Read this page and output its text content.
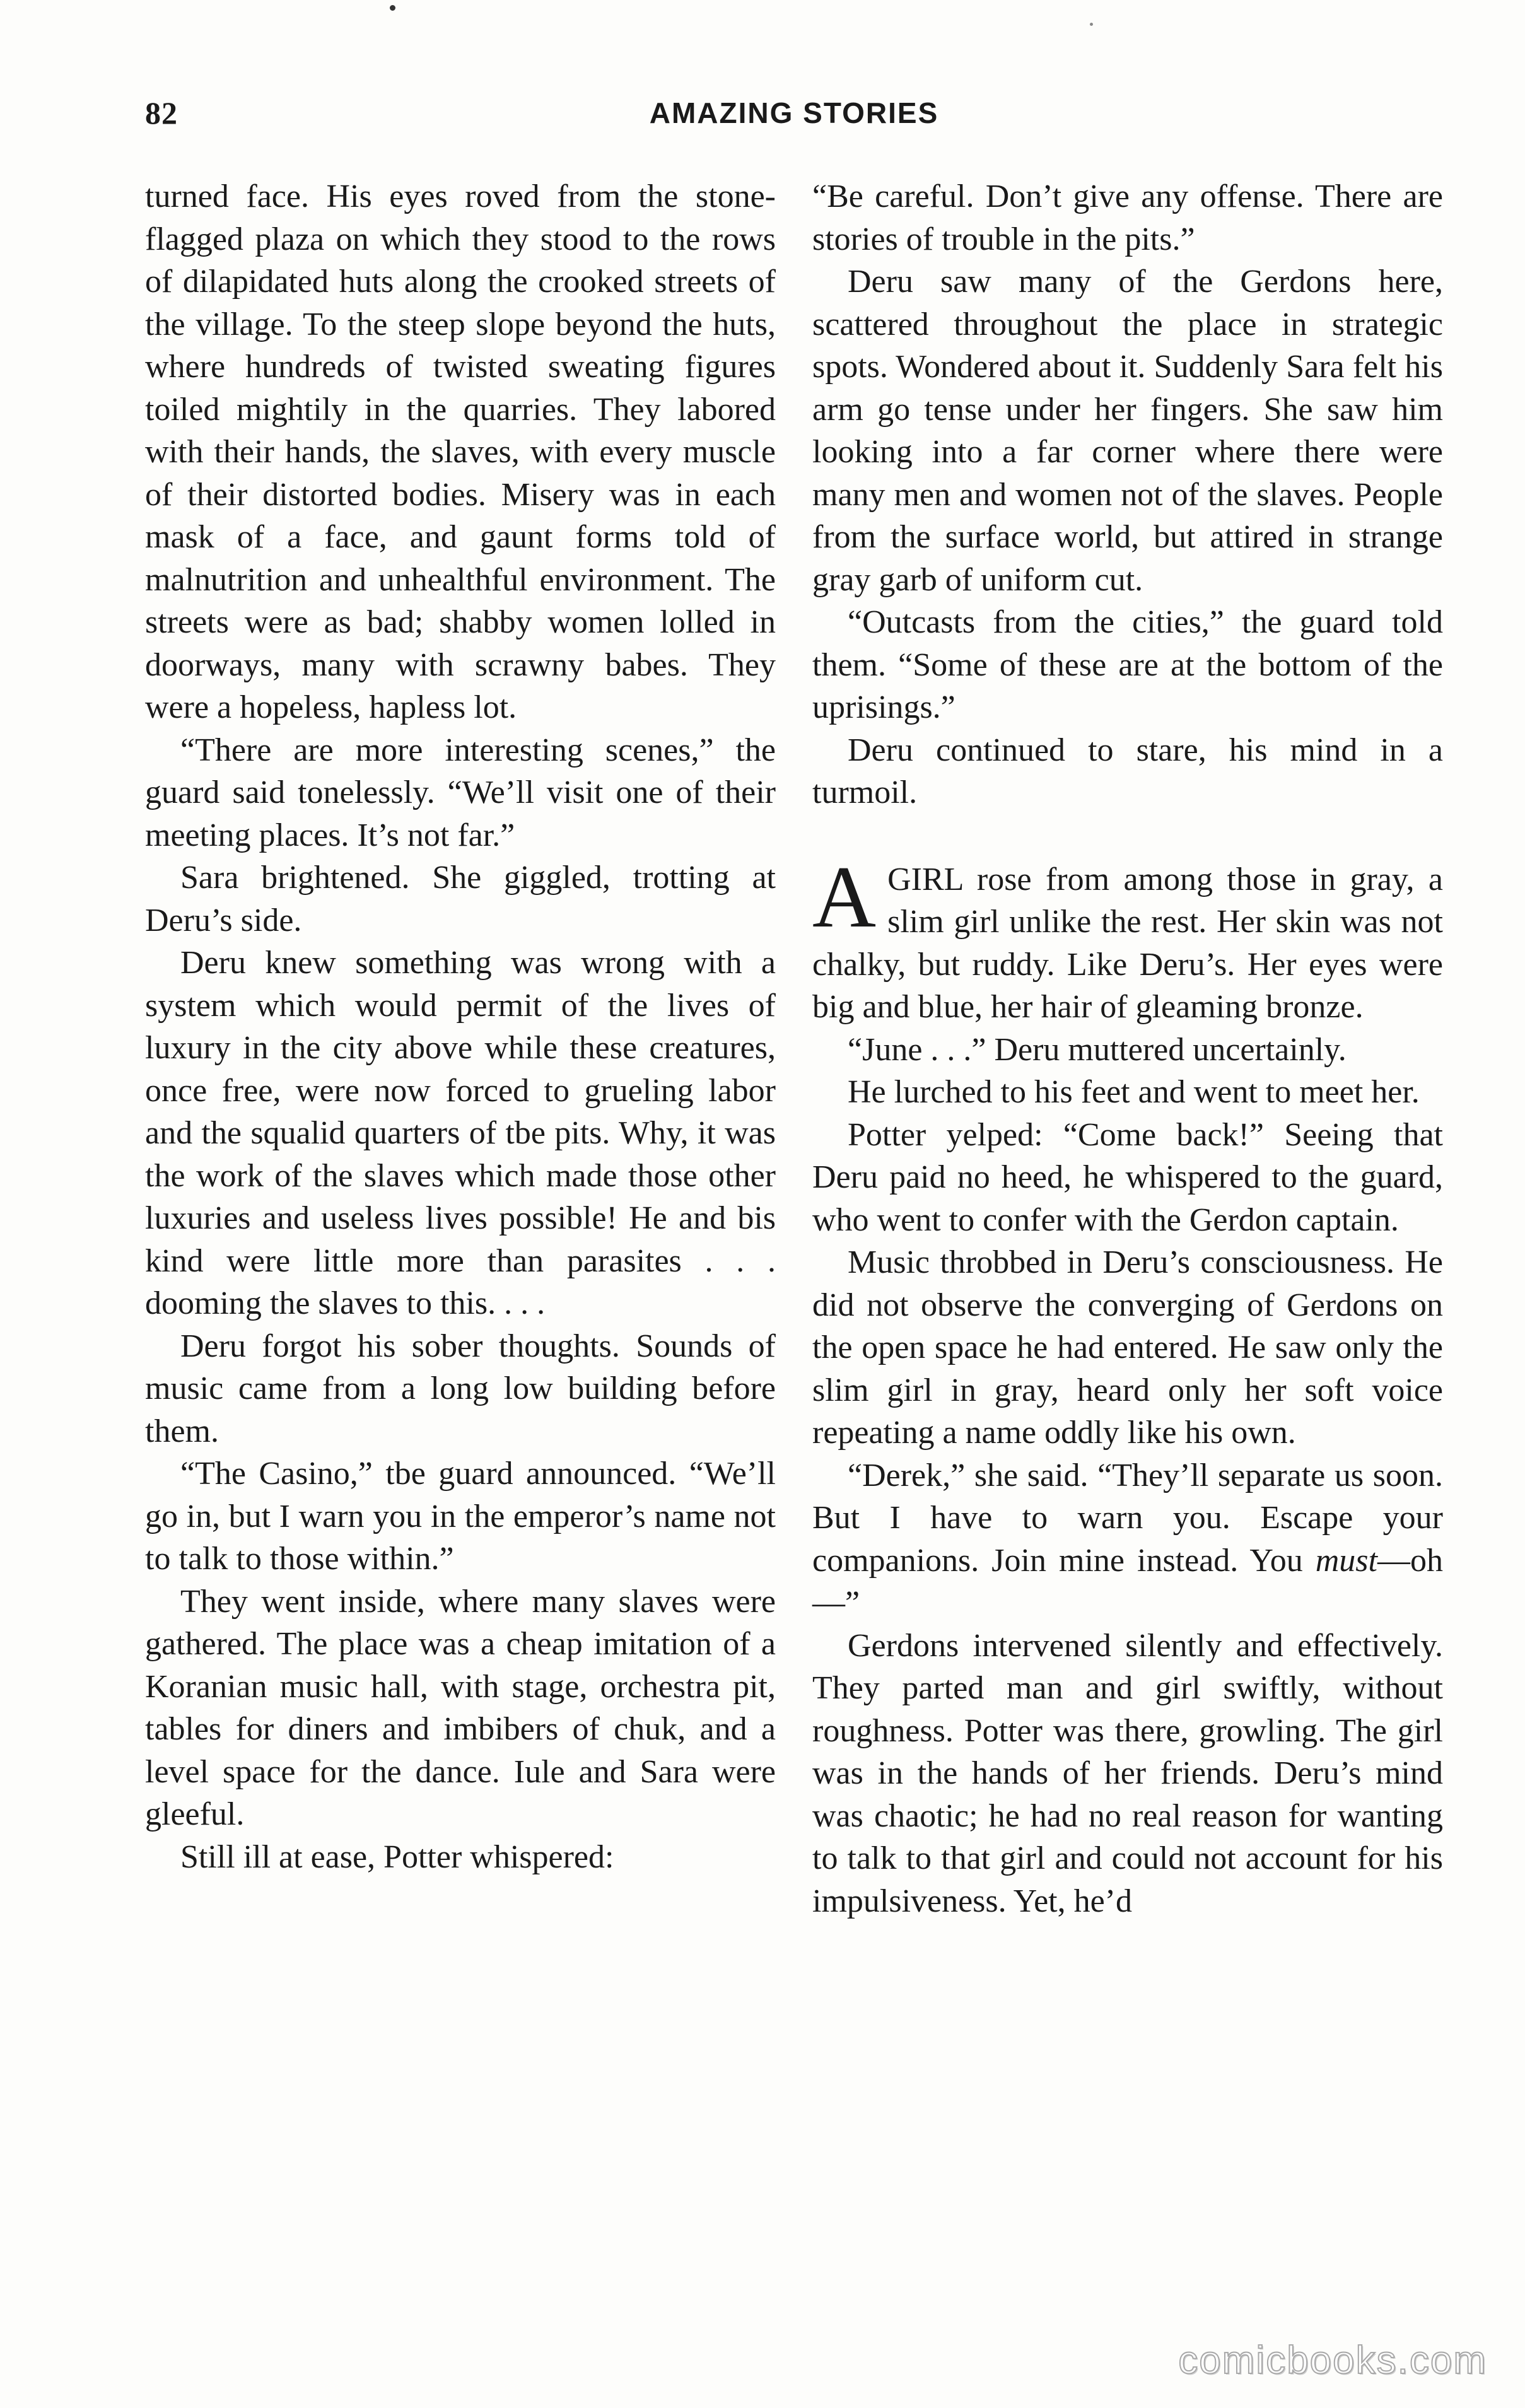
82	AMAZING STORIES

turned face. His eyes roved from the stone-flagged plaza on which they stood to the rows of dilapidated huts along the crooked streets of the village. To the steep slope beyond the huts, where hundreds of twisted sweating figures toiled mightily in the quarries. They labored with their hands, the slaves, with every muscle of their distorted bodies. Misery was in each mask of a face, and gaunt forms told of malnutrition and unhealthful environment. The streets were as bad; shabby women lolled in doorways, many with scrawny babes. They were a hopeless, hapless lot.

“There are more interesting scenes,” the guard said tonelessly. “We’ll visit one of their meeting places. It’s not far.”

Sara brightened. She giggled, trotting at Deru’s side.

Deru knew something was wrong with a system which would permit of the lives of luxury in the city above while these creatures, once free, were now forced to grueling labor and the squalid quarters of tbe pits. Why, it was the work of the slaves which made those other luxuries and useless lives possible! He and bis kind were little more than parasites . . . dooming the slaves to this. . . .

Deru forgot his sober thoughts. Sounds of music came from a long low building before them.

“The Casino,” tbe guard announced. “We’ll go in, but I warn you in the emperor’s name not to talk to those within.”

They went inside, where many slaves were gathered. The place was a cheap imitation of a Koranian music hall, with stage, orchestra pit, tables for diners and imbibers of chuk, and a level space for the dance. Iule and Sara were gleeful.

Still ill at ease, Potter whispered:

“Be careful. Don’t give any offense. There are stories of trouble in the pits.”

Deru saw many of the Gerdons here, scattered throughout the place in strategic spots. Wondered about it. Suddenly Sara felt his arm go tense under her fingers. She saw him looking into a far corner where there were many men and women not of the slaves. People from the surface world, but attired in strange gray garb of uniform cut.

“Outcasts from the cities,” the guard told them. “Some of these are at the bottom of the uprisings.”

Deru continued to stare, his mind in a turmoil.

AGIRL rose from among those in gray, a slim girl unlike the rest. Her skin was not chalky, but ruddy. Like Deru’s. Her eyes were big and blue, her hair of gleaming bronze.

“June . . .” Deru muttered uncertainly.

He lurched to his feet and went to meet her.

Potter yelped: “Come back!” Seeing that Deru paid no heed, he whispered to the guard, who went to confer with the Gerdon captain.

Music throbbed in Deru’s consciousness. He did not observe the converging of Gerdons on the open space he had entered. He saw only the slim girl in gray, heard only her soft voice repeating a name oddly like his own.

“Derek,” she said. “They’ll separate us soon. But I have to warn you. Escape your companions. Join mine instead. You must—oh—”

Gerdons intervened silently and effectively. They parted man and girl swiftly, without roughness. Potter was there, growling. The girl was in the hands of her friends. Deru’s mind was chaotic; he had no real reason for wanting to talk to that girl and could not account for his impulsiveness. Yet, he’d

comicbooks.com
